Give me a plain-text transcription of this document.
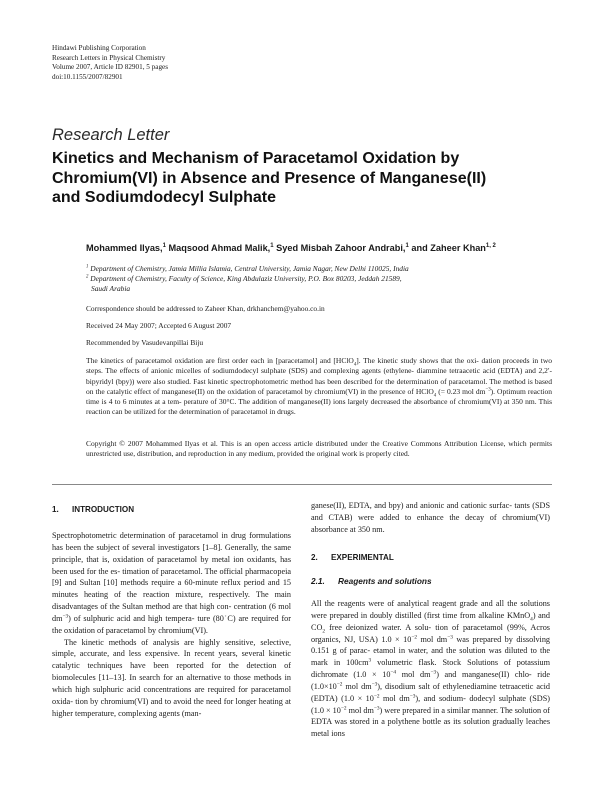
Hindawi Publishing Corporation
Research Letters in Physical Chemistry
Volume 2007, Article ID 82901, 5 pages
doi:10.1155/2007/82901
Research Letter
Kinetics and Mechanism of Paracetamol Oxidation by
Chromium(VI) in Absence and Presence of Manganese(II)
and Sodiumdodecyl Sulphate
Mohammed Ilyas,$^1$ Maqsood Ahmad Malik,$^1$ Syed Misbah Zahoor Andrabi,$^1$ and Zaheer Khan$^{1, 2}$
$^1$ Department of Chemistry, Jamia Millia Islamia, Central University, Jamia Nagar, New Delhi 110025, India
$^2$ Department of Chemistry, Faculty of Science, King Abdulaziz University, P.O. Box 80203, Jeddah 21589,
Saudi Arabia
Correspondence should be addressed to Zaheer Khan, drkhanchem@yahoo.co.in
Received 24 May 2007; Accepted 6 August 2007
Recommended by Vasudevanpillai Biju
The kinetics of paracetamol oxidation are first order each in [paracetamol] and [HClO$_4$]. The kinetic study shows that the oxi- dation proceeds in two steps. The effects of anionic micelles of sodiumdodecyl sulphate (SDS) and complexing agents (ethylene- diammine tetraacetic acid (EDTA) and 2,2′-bipyridyl (bpy)) were also studied. Fast kinetic spectrophotometric method has been described for the determination of paracetamol. The method is based on the catalytic effect of manganese(II) on the oxidation of paracetamol by chromium(VI) in the presence of HClO$_4$ (= 0.23 mol $dm^{-3}$). Optimum reaction time is 4 to 6 minutes at a tem- perature of 30°C. The addition of manganese(II) ions largely decreased the absorbance of chromium(VI) at 350 nm. This reaction can be utilized for the determination of paracetamol in drugs.
Copyright © 2007 Mohammed Ilyas et al. This is an open access article distributed under the Creative Commons Attribution License, which permits unrestricted use, distribution, and reproduction in any medium, provided the original work is properly cited.
1. INTRODUCTION

Spectrophotometric determination of paracetamol in drug formulations has been the subject of several investigators [1–8]. Generally, the same principle, that is, oxidation of paracetamol by metal ion oxidants, has been used for the es- timation of paracetamol. The official pharmacopeia [9] and Sultan [10] methods require a 60-minute reflux period and 15 minutes heating of the reaction mixture, respectively. The main disadvantages of the Sultan method are that high con- centration (6 mol $dm^{-3}$) of sulphuric acid and high tempera- ture (80◦C) are required for the oxidation of paracetamol by chromium(VI).

The kinetic methods of analysis are highly sensitive, selective, simple, accurate, and less expensive. In recent years, several kinetic catalytic techniques have been reported for the detection of biomolecules [11–13]. In search for an alternative to those methods in which high sulphuric acid concentrations are required for paracetamol oxida- tion by chromium(VI) and to avoid the need for longer heating at higher temperature, complexing agents (man-

ganese(II), EDTA, and bpy) and anionic and cationic surfac- tants (SDS and CTAB) were added to enhance the decay of chromium(VI) absorbance at 350 nm.

2. EXPERIMENTAL
2.1. Reagents and solutions

All the reagents were of analytical reagent grade and all the solutions were prepared in doubly distilled (first time from alkaline KMnO$_4$) and $CO_2$ free deionized water. A solu- tion of paracetamol (99%, Acros organics, NJ, USA) $1.0 \times 10^{-2}$ mol $dm^{-3}$ was prepared by dissolving 0.151 g of parac- etamol in water, and the solution was diluted to the mark in $100cm^3$ volumetric flask. Stock Solutions of potassium dichromate ($1.0 \times 10^{-4}$ mol $dm^{-3}$) and manganese(II) chlo- ride ($1.0\times 10^{-2}$ mol $dm^{-3}$), disodium salt of ethylenediamine tetraacetic acid (EDTA) ($1.0 \times 10^{-2}$ mol $dm^{-3}$), and sodium- dodecyl sulphate (SDS) ($1.0 \times 10^{-2}$ mol $dm^{-3}$) were prepared in a similar manner. The solution of EDTA was stored in a polythene bottle as its solution gradually leaches metal ions
